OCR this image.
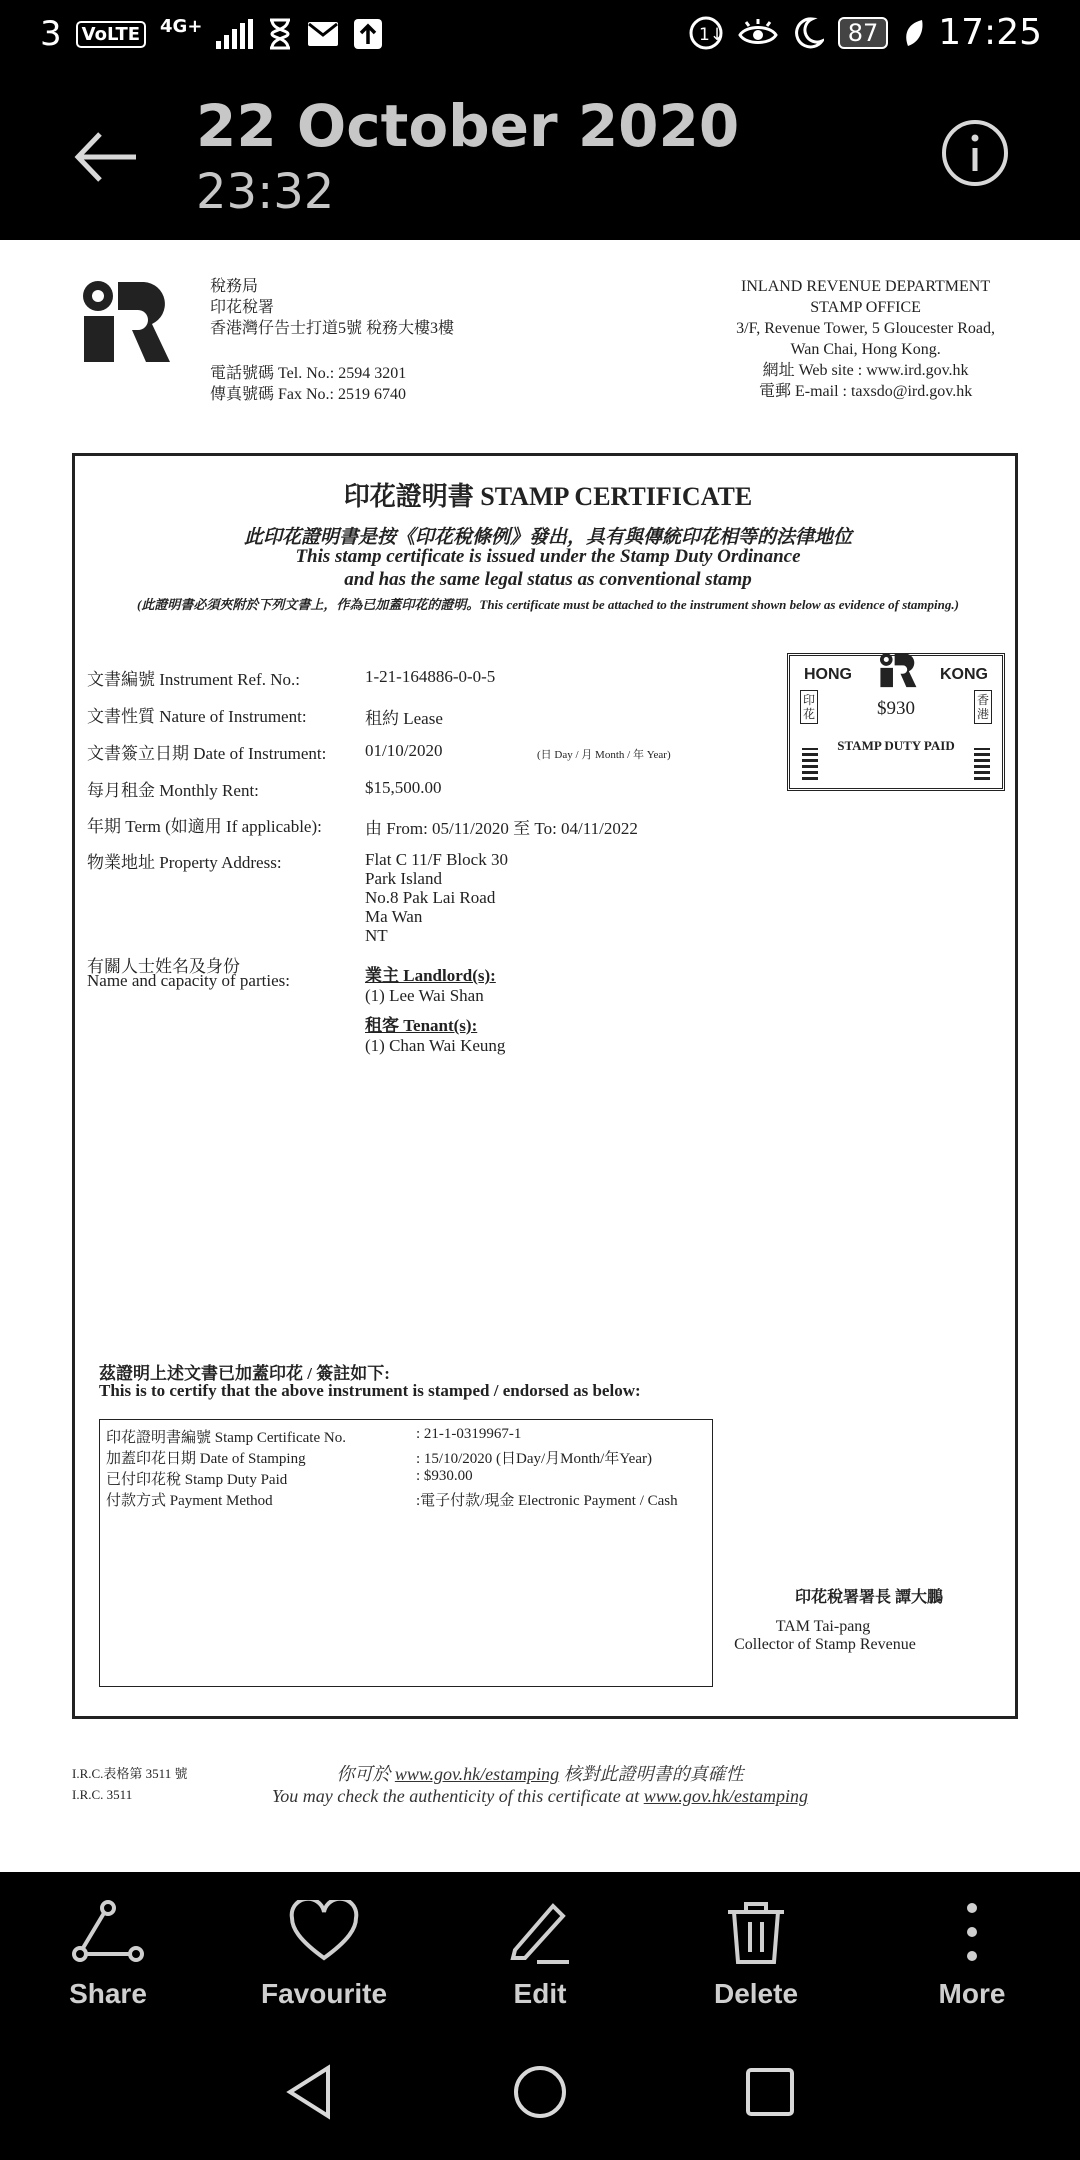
3	VoLTE	4G+	1↓	87 17:25
22 October 2020
23:32
稅務局
印花稅署
香港灣仔告士打道5號 稅務大樓3樓
電話號碼 Tel. No.: 2594 3201
傳真號碼 Fax No.: 2519 6740
INLAND REVENUE DEPARTMENT
STAMP OFFICE
3/F, Revenue Tower, 5 Gloucester Road,
Wan Chai, Hong Kong.
網址 Web site : www.ird.gov.hk
電郵 E-mail : taxsdo@ird.gov.hk
印花證明書 STAMP CERTIFICATE
此印花證明書是按《印花稅條例》發出，具有與傳統印花相等的法律地位
This stamp certificate is issued under the Stamp Duty Ordinance
and has the same legal status as conventional stamp
(此證明書必須夾附於下列文書上，作為已加蓋印花的證明。This certificate must be attached to the instrument shown below as evidence of stamping.)
文書編號 Instrument Ref. No.:	1-21-164886-0-0-5
文書性質 Nature of Instrument:	租約 Lease
文書簽立日期 Date of Instrument: 01/10/2020	(日 Day / 月 Month / 年 Year)
每月租金 Monthly Rent:	$15,500.00
年期 Term (如適用 If applicable):	由 From: 05/11/2020 至 To: 04/11/2022
物業地址 Property Address:	Flat C 11/F Block 30
Park Island
No.8 Pak Lai Road
Ma Wan
NT
有關人士姓名及身份
Name and capacity of parties:	業主 Landlord(s):
(1) Lee Wai Shan
租客 Tenant(s):
(1) Chan Wai Keung
HONG	KONG
$930
STAMP DUTY PAID
印花
香港
茲證明上述文書已加蓋印花 / 簽註如下:
This is to certify that the above instrument is stamped / endorsed as below:
印花證明書編號 Stamp Certificate No.	: 21-1-0319967-1
加蓋印花日期 Date of Stamping	: 15/10/2020 (日Day/月Month/年Year)
已付印花稅 Stamp Duty Paid	: $930.00
付款方式 Payment Method	:電子付款/現金 Electronic Payment / Cash
印花稅署署長 譚大鵬
TAM Tai-pang
Collector of Stamp Revenue
I.R.C.表格第 3511 號
I.R.C. 3511
你可於 www.gov.hk/estamping 核對此證明書的真確性
You may check the authenticity of this certificate at www.gov.hk/estamping
Share	Favourite	Edit	Delete	More
